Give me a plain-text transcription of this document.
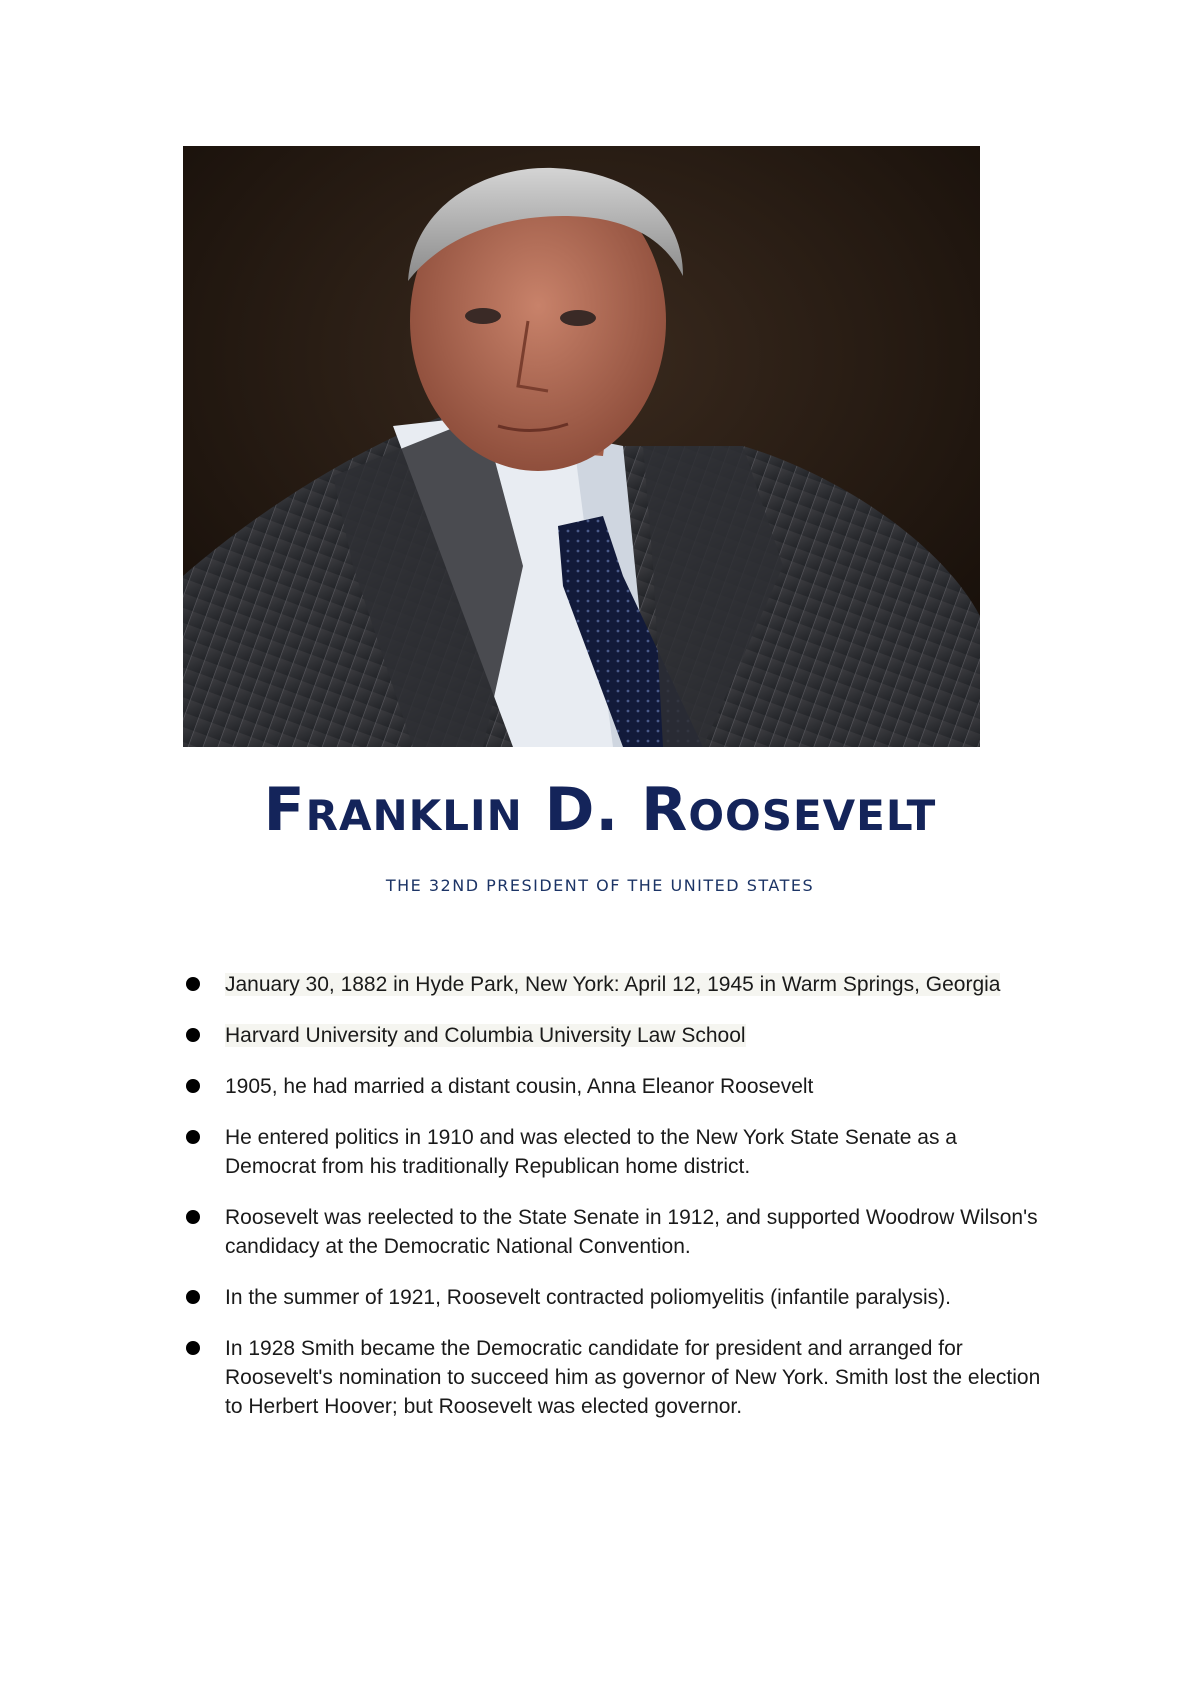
Franklin D. Roosevelt

THE 32ND PRESIDENT OF THE UNITED STATES

January 30, 1882 in Hyde Park, New York: April 12, 1945 in Warm Springs, Georgia
Harvard University and Columbia University Law School
1905, he had married a distant cousin, Anna Eleanor Roosevelt
He entered politics in 1910 and was elected to the New York State Senate as a Democrat from his traditionally Republican home district.
Roosevelt was reelected to the State Senate in 1912, and supported Woodrow Wilson's candidacy at the Democratic National Convention.
In the summer of 1921, Roosevelt contracted poliomyelitis (infantile paralysis).
In 1928 Smith became the Democratic candidate for president and arranged for Roosevelt's nomination to succeed him as governor of New York. Smith lost the election to Herbert Hoover; but Roosevelt was elected governor.
